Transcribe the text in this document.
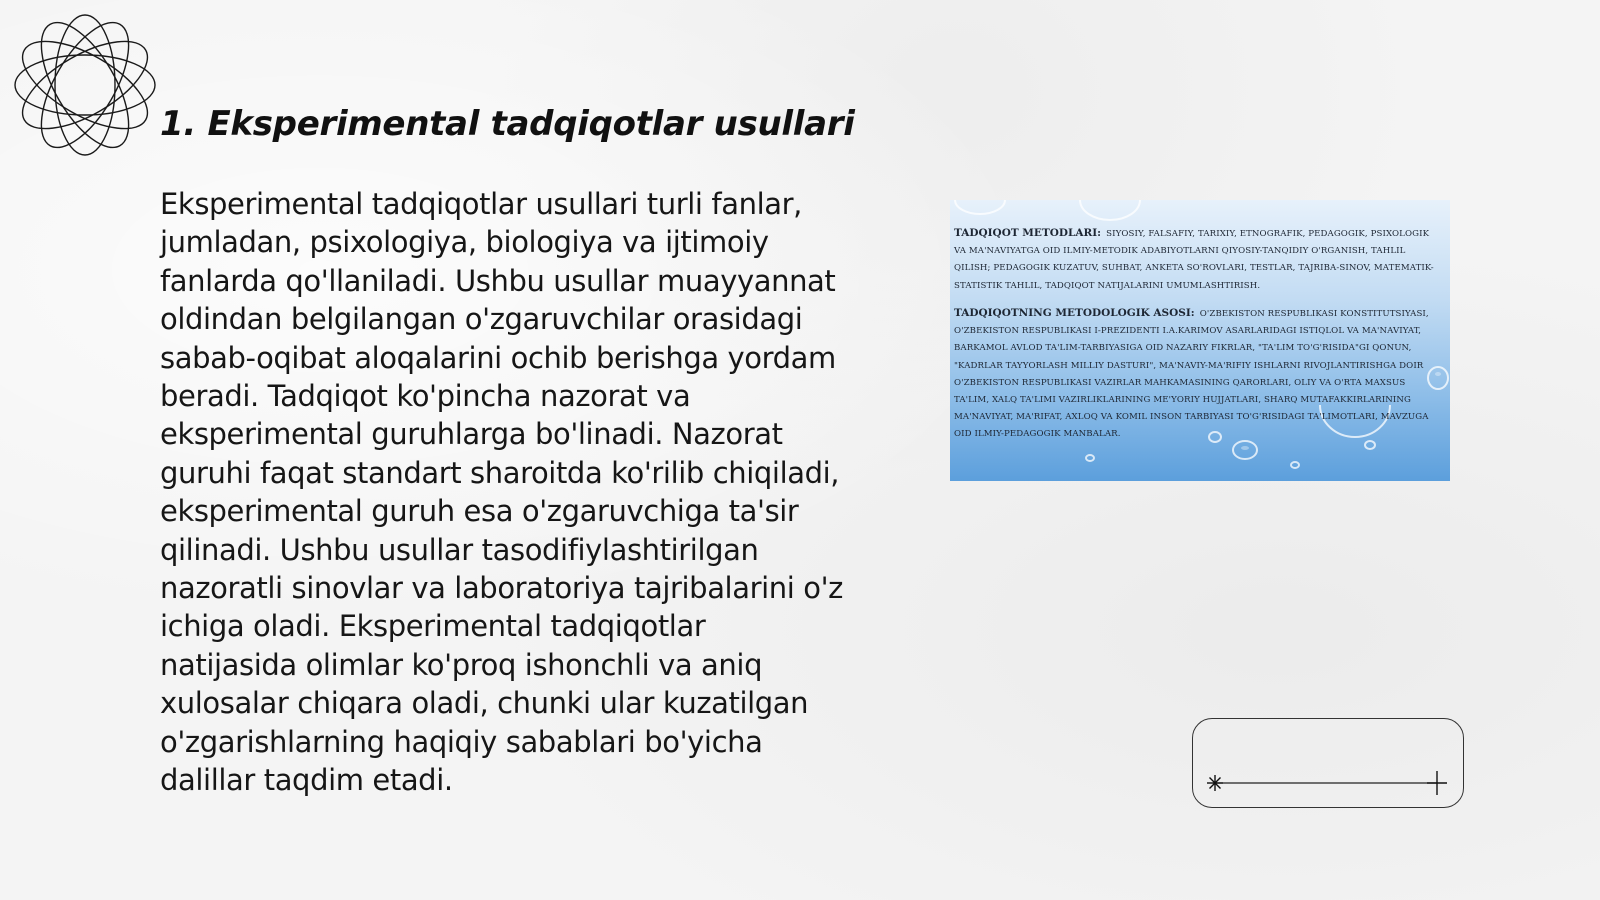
1. Eksperimental tadqiqotlar usullari

Eksperimental tadqiqotlar usullari turli fanlar, jumladan, psixologiya, biologiya va ijtimoiy fanlarda qo'llaniladi. Ushbu usullar muayyannat oldindan belgilangan o'zgaruvchilar orasidagi sabab-oqibat aloqalarini ochib berishga yordam beradi. Tadqiqot ko'pincha nazorat va eksperimental guruhlarga bo'linadi. Nazorat guruhi faqat standart sharoitda ko'rilib chiqiladi, eksperimental guruh esa o'zgaruvchiga ta'sir qilinadi. Ushbu usullar tasodifiylashtirilgan nazoratli sinovlar va laboratoriya tajribalarini o'z ichiga oladi. Eksperimental tadqiqotlar natijasida olimlar ko'proq ishonchli va aniq xulosalar chiqara oladi, chunki ular kuzatilgan o'zgarishlarning haqiqiy sabablari bo'yicha dalillar taqdim etadi.

TADQIQOT METODLARI: SIYOSIY, FALSAFIY, TARIXIY, ETNOGRAFIK, PEDAGOGIK, PSIXOLOGIK VA MA'NAVIYATGA OID ILMIY-METODIK ADABIYOTLARNI QIYOSIY-TANQIDIY O'RGANISH, TAHLIL QILISH; PEDAGOGIK KUZATUV, SUHBAT, ANKETA SO'ROVLARI, TESTLAR, TAJRIBA-SINOV, MATEMATIK-STATISTIK TAHLIL, TADQIQOT NATIJALARINI UMUMLASHTIRISH.

TADQIQOTNING METODOLOGIK ASOSI: O'ZBEKISTON RESPUBLIKASI KONSTITUTSIYASI, O'ZBEKISTON RESPUBLIKASI I-PREZIDENTI I.A.KARIMOV ASARLARIDAGI ISTIQLOL VA MA'NAVIYAT, BARKAMOL AVLOD TA'LIM-TARBIYASIGA OID NAZARIY FIKRLAR, "TA'LIM TO'G'RISIDA"GI QONUN, "KADRLAR TAYYORLASH MILLIY DASTURI", MA'NAVIY-MA'RIFIY ISHLARNI RIVOJLANTIRISHGA DOIR O'ZBEKISTON RESPUBLIKASI VAZIRLAR MAHKAMASINING QARORLARI, OLIY VA O'RTA MAXSUS TA'LIM, XALQ TA'LIMI VAZIRLIKLARINING ME'YORIY HUJJATLARI, SHARQ MUTAFAKKIRLARINING MA'NAVIYAT, MA'RIFAT, AXLOQ VA KOMIL INSON TARBIYASI TO'G'RISIDAGI TA'LIMOTLARI, MAVZUGA OID ILMIY-PEDAGOGIK MANBALAR.
